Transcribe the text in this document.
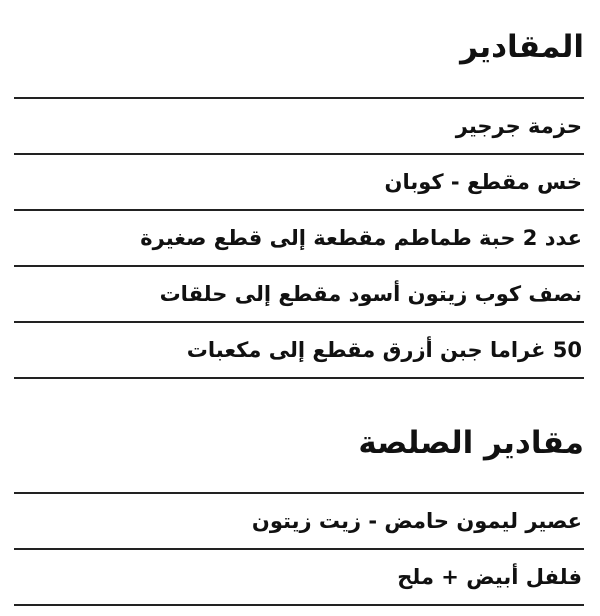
المقادير
حزمة جرجير
خس مقطع - كوبان
عدد 2 حبة طماطم مقطعة إلى قطع صغيرة
نصف كوب زيتون أسود مقطع إلى حلقات
50 غراما جبن أزرق مقطع إلى مكعبات
مقادير الصلصة
عصير ليمون حامض - زيت زيتون
فلفل أبيض + ملح
